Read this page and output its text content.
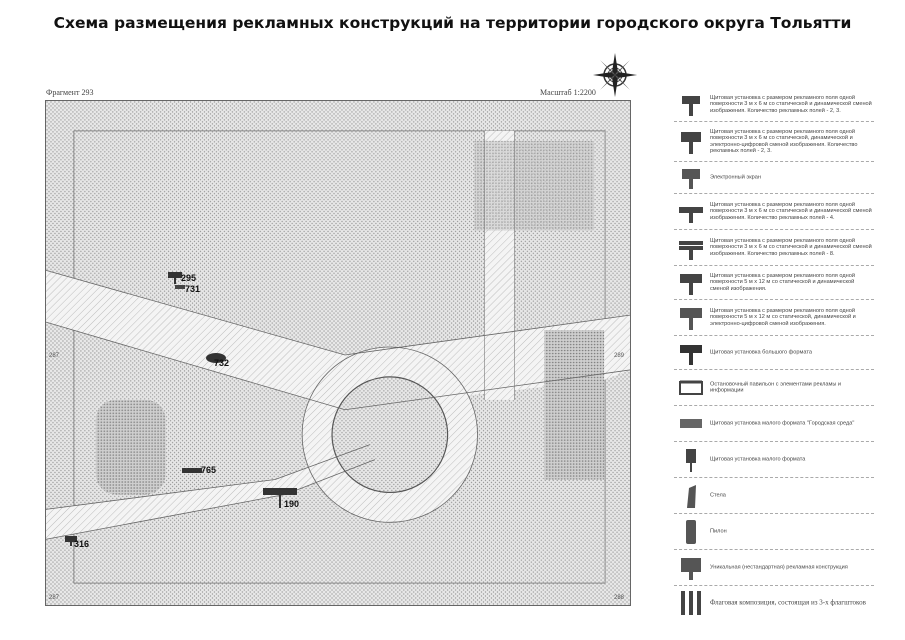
Схема размещения рекламных конструкций на территории городского округа Тольятти
Фрагмент 293	Масштаб 1:2200
287	289
287	288
295
731
732
765
190
316
Щитовая установка с размером рекламного поля одной поверхности 3 м х 6 м со статической и динамической сменой изображения. Количество рекламных полей - 2, 3.
Щитовая установка с размером рекламного поля одной поверхности 3 м х 6 м со статической, динамической и электронно-цифровой сменой изображения. Количество рекламных полей - 2, 3.
Электронный экран
Щитовая установка с размером рекламного поля одной поверхности 3 м х 6 м со статической и динамической сменой изображения. Количество рекламных полей - 4.
Щитовая установка с размером рекламного поля одной поверхности 3 м х 6 м со статической и динамической сменой изображения. Количество рекламных полей - 8.
Щитовая установка с размером рекламного поля одной поверхности 5 м х 12 м со статической и динамической сменой изображения.
Щитовая установка с размером рекламного поля одной поверхности 5 м х 12 м со статической, динамической и электронно-цифровой сменой изображения.
Щитовая установка большого формата
Остановочный павильон с элементами рекламы и информации
Щитовая установка малого формата "Городская среда"
Щитовая установка малого формата
Стела
Пилон
Уникальная (нестандартная) рекламная конструкция
Флаговая композиция, состоящая из 3-х флагштоков
